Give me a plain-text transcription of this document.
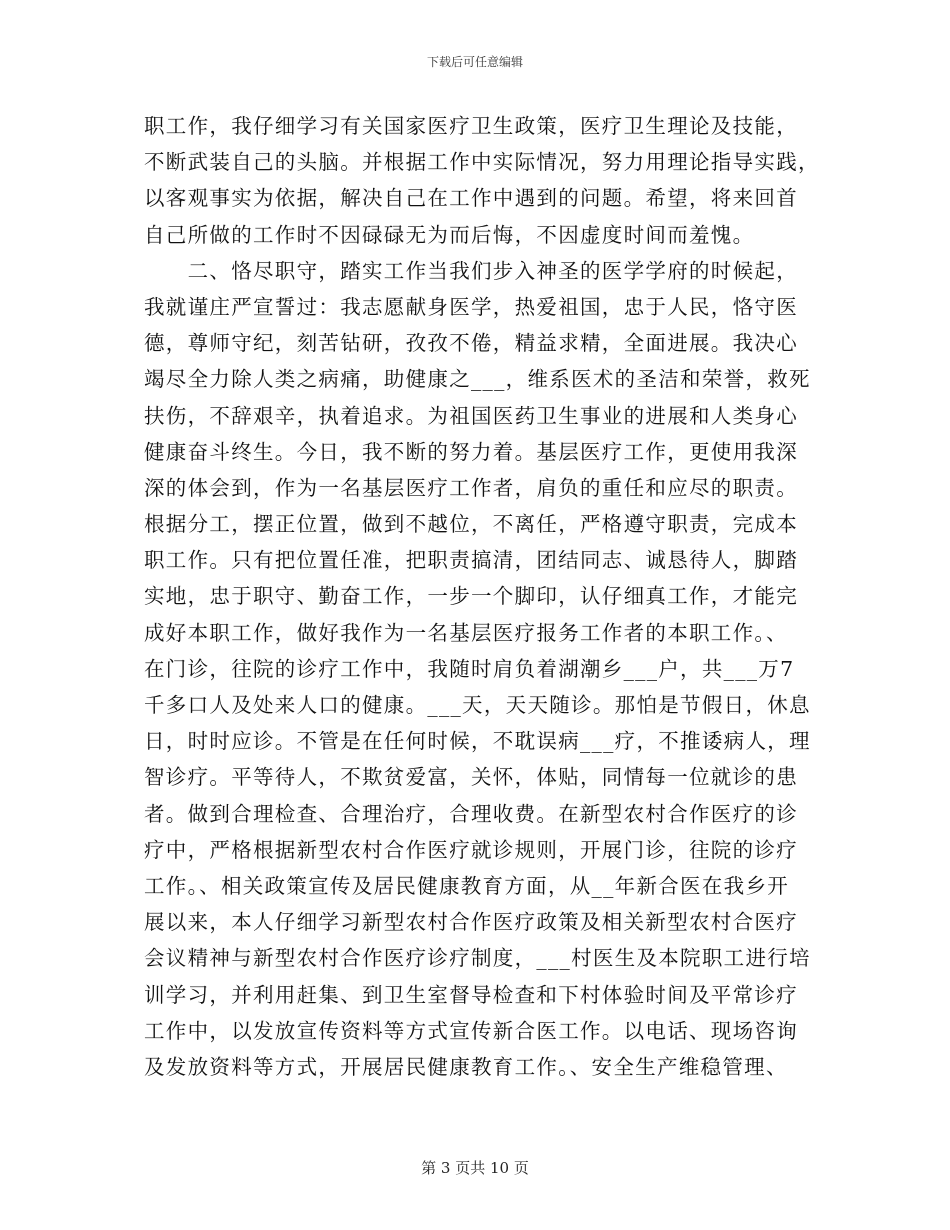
下载后可任意编辑
职工作，我仔细学习有关国家医疗卫生政策，医疗卫生理论及技能，
不断武装自己的头脑。并根据工作中实际情况，努力用理论指导实践，
以客观事实为依据，解决自己在工作中遇到的问题。希望，将来回首
自己所做的工作时不因碌碌无为而后悔，不因虚度时间而羞愧。
　　二、恪尽职守，踏实工作当我们步入神圣的医学学府的时候起，
我就谨庄严宣誓过：我志愿献身医学，热爱祖国，忠于人民，恪守医
德，尊师守纪，刻苦钻研，孜孜不倦，精益求精，全面进展。我决心
竭尽全力除人类之病痛，助健康之___，维系医术的圣洁和荣誉，救死
扶伤，不辞艰辛，执着追求。为祖国医药卫生事业的进展和人类身心
健康奋斗终生。今日，我不断的努力着。基层医疗工作，更使用我深
深的体会到，作为一名基层医疗工作者，肩负的重任和应尽的职责。
根据分工，摆正位置，做到不越位，不离任，严格遵守职责，完成本
职工作。只有把位置任准，把职责搞清，团结同志、诚恳待人，脚踏
实地，忠于职守、勤奋工作，一步一个脚印，认仔细真工作，才能完
成好本职工作，做好我作为一名基层医疗报务工作者的本职工作。、
在门诊，往院的诊疗工作中，我随时肩负着湖潮乡___户，共___万7
千多口人及处来人口的健康。___天，天天随诊。那怕是节假日，休息
日，时时应诊。不管是在任何时候，不耽误病___疗，不推诿病人，理
智诊疗。平等待人，不欺贫爱富，关怀，体贴，同情每一位就诊的患
者。做到合理检查、合理治疗，合理收费。在新型农村合作医疗的诊
疗中，严格根据新型农村合作医疗就诊规则，开展门诊，往院的诊疗
工作。、相关政策宣传及居民健康教育方面，从__年新合医在我乡开
展以来，本人仔细学习新型农村合作医疗政策及相关新型农村合医疗
会议精神与新型农村合作医疗诊疗制度，___村医生及本院职工进行培
训学习，并利用赶集、到卫生室督导检查和下村体验时间及平常诊疗
工作中，以发放宣传资料等方式宣传新合医工作。以电话、现场咨询
及发放资料等方式，开展居民健康教育工作。、安全生产维稳管理、
第 3 页共 10 页
